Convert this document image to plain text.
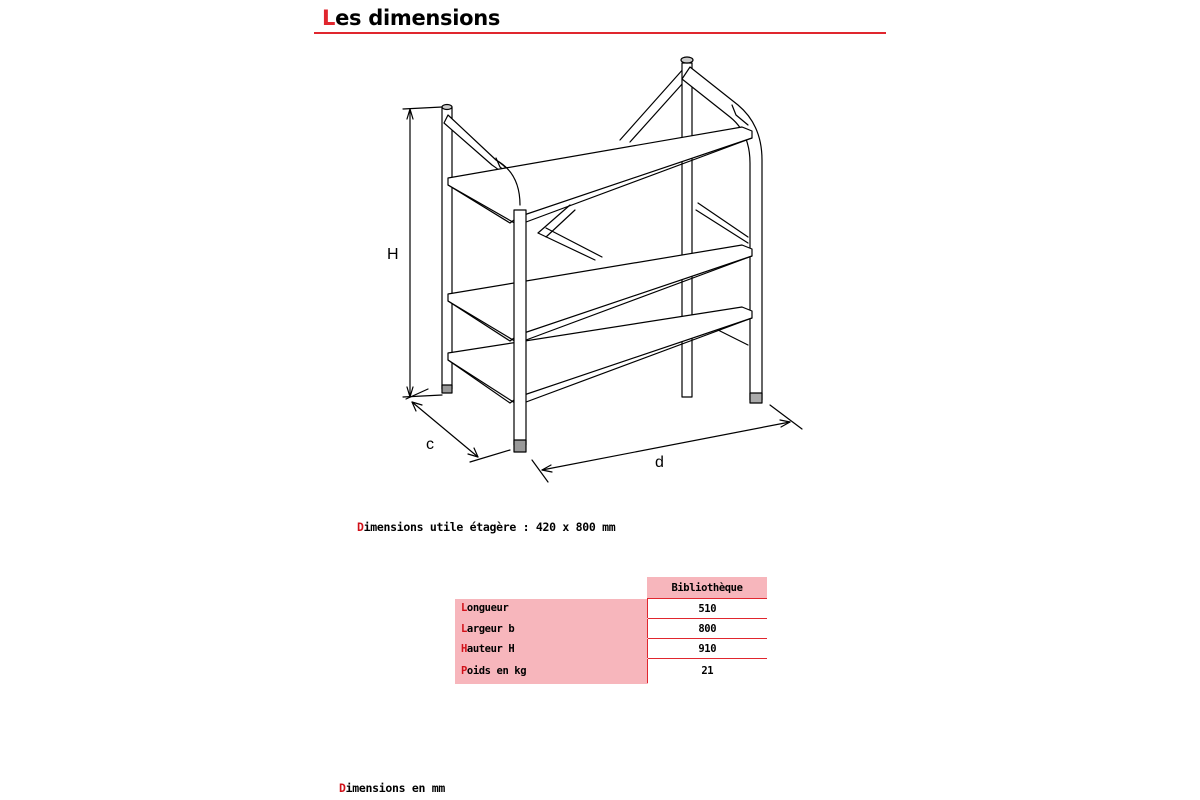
Les dimensions
H
c
d
Dimensions utile étagère : 420 x 800 mm
	Bibliothèque
Longueur	510
Largeur b	800
Hauteur H	910
Poids en kg	21
Dimensions en mm
